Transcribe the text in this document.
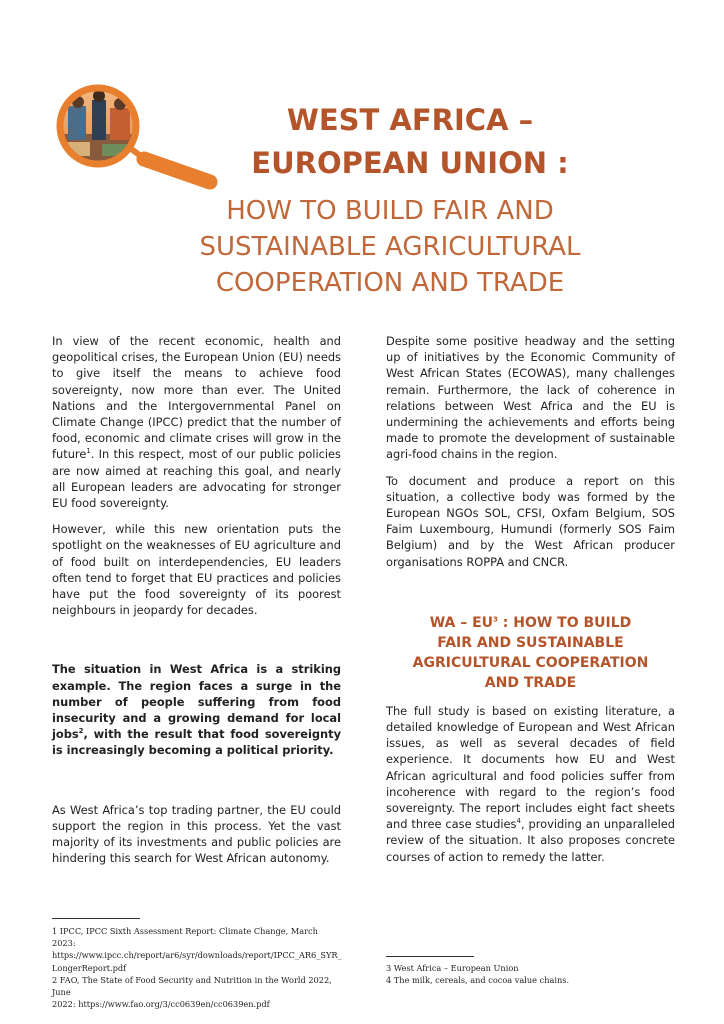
WEST AFRICA –
EUROPEAN UNION :
HOW TO BUILD FAIR AND
SUSTAINABLE AGRICULTURAL
COOPERATION AND TRADE

In view of the recent economic, health and geopolitical crises, the European Union (EU) needs to give itself the means to achieve food sovereignty, now more than ever. The United Nations and the Intergovernmental Panel on Climate Change (IPCC) predict that the number of food, economic and climate crises will grow in the future$^1$. In this respect, most of our public policies are now aimed at reaching this goal, and nearly all European leaders are advocating for stronger EU food sovereignty.

However, while this new orientation puts the spotlight on the weaknesses of EU agriculture and of food built on interdependencies, EU leaders often tend to forget that EU practices and policies have put the food sovereignty of its poorest neighbours in jeopardy for decades.

The situation in West Africa is a striking example. The region faces a surge in the number of people suffering from food insecurity and a growing demand for local jobs$^2$, with the result that food sovereignty is increasingly becoming a political priority.

As West Africa’s top trading partner, the EU could support the region in this process. Yet the vast majority of its investments and public policies are hindering this search for West African autonomy.

Despite some positive headway and the setting up of initiatives by the Economic Community of West African States (ECOWAS), many challenges remain. Furthermore, the lack of coherence in relations between West Africa and the EU is undermining the achievements and efforts being made to promote the development of sustainable agri-food chains in the region.

To document and produce a report on this situation, a collective body was formed by the European NGOs SOL, CFSI, Oxfam Belgium, SOS Faim Luxembourg, Humundi (formerly SOS Faim Belgium) and by the West African producer organisations ROPPA and CNCR.

WA – $EU^3$ : HOW TO BUILD
FAIR AND SUSTAINABLE
AGRICULTURAL COOPERATION
AND TRADE

The full study is based on existing literature, a detailed knowledge of European and West African issues, as well as several decades of field experience. It documents how EU and West African agricultural and food policies suffer from incoherence with regard to the region’s food sovereignty. The report includes eight fact sheets and three case studies$^4$, providing an unparalleled review of the situation. It also proposes concrete courses of action to remedy the latter.

1 IPCC, IPCC Sixth Assessment Report: Climate Change, March 2023:
https://www.ipcc.ch/report/ar6/syr/downloads/report/IPCC_AR6_SYR_
LongerReport.pdf
2 FAO, The State of Food Security and Nutrition in the World 2022, June
2022: https://www.fao.org/3/cc0639en/cc0639en.pdf
3 West Africa – European Union
4 The milk, cereals, and cocoa value chains.
